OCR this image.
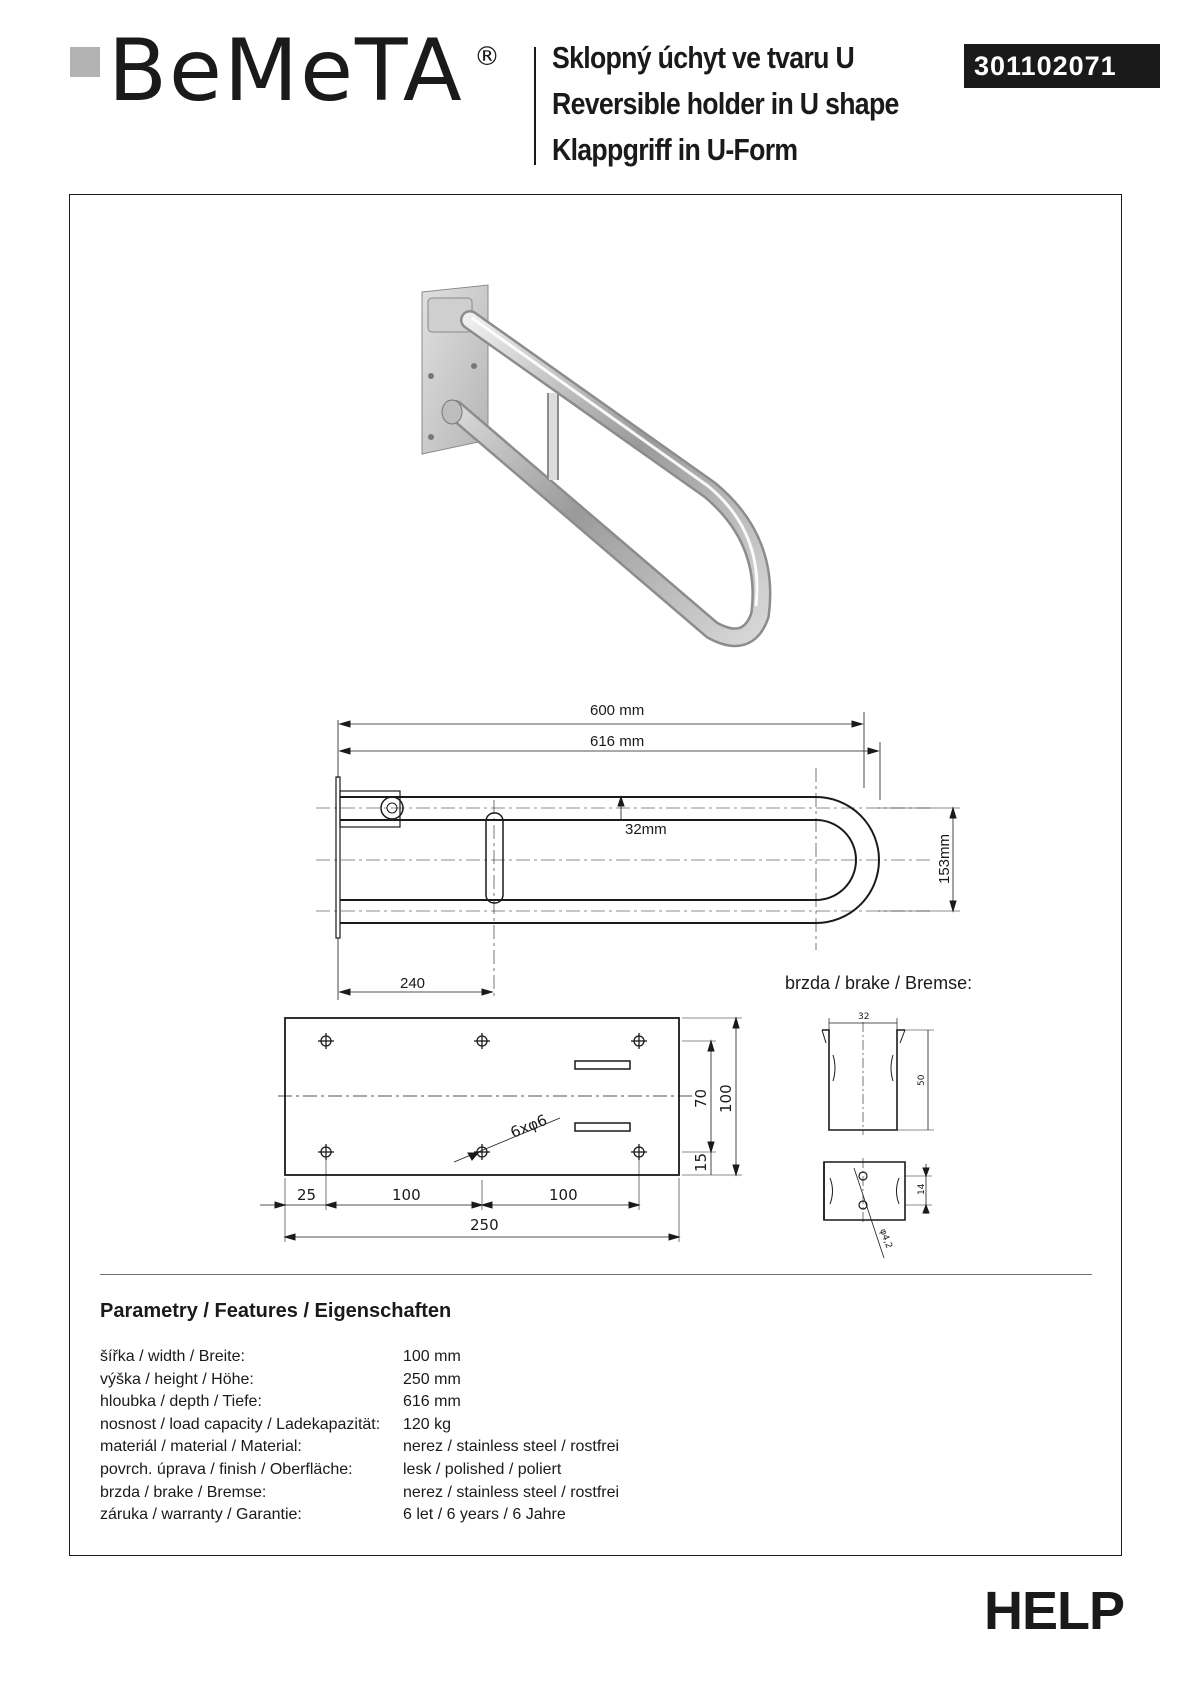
BeMeTA ® Sklopný úchyt ve tvaru U
Reversible holder in U shape
Klappgriff in U-Form
301102071
600 mm
616 mm
32mm
153mm
240	brzda / brake / Bremse:
6xφ6
70 100
15
25	100	100
250
32
50
14
φ4,2
Parametry / Features / Eigenschaften
šířka / width / Breite:	100 mm
výška / height / Höhe:	250 mm
hloubka / depth / Tiefe:	616 mm
nosnost / load capacity / Ladekapazität:	120 kg
materiál / material / Material:	nerez / stainless steel / rostfrei
povrch. úprava / finish / Oberfläche:	lesk / polished / poliert
brzda / brake / Bremse:	nerez / stainless steel / rostfrei
záruka / warranty / Garantie:	6 let / 6 years / 6 Jahre
HELP
